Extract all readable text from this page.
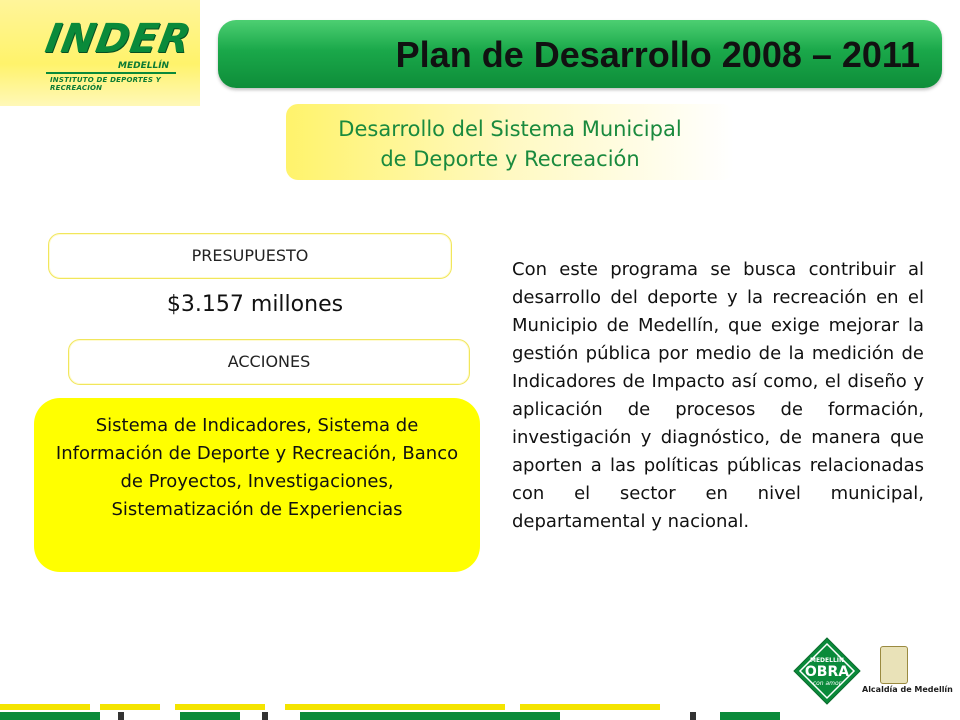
INDER
MEDELLÍN
INSTITUTO DE DEPORTES Y RECREACIÓN
Plan de Desarrollo 2008 – 2011
Desarrollo del Sistema Municipal
de Deporte y Recreación
PRESUPUESTO
$3.157 millones
ACCIONES
Sistema de Indicadores, Sistema de Información de Deporte y Recreación, Banco de Proyectos, Investigaciones, Sistematización de Experiencias
Con este programa se busca contribuir al desarrollo del deporte y la recreación en el Municipio de Medellín, que exige mejorar la gestión pública por medio de la medición de Indicadores de Impacto así como, el diseño y aplicación de procesos de formación, investigación y diagnóstico, de manera que aporten a las políticas públicas relacionadas con el sector en nivel municipal, departamental y nacional.
MEDELLÍN
OBRA
con amor
Alcaldía de Medellín
